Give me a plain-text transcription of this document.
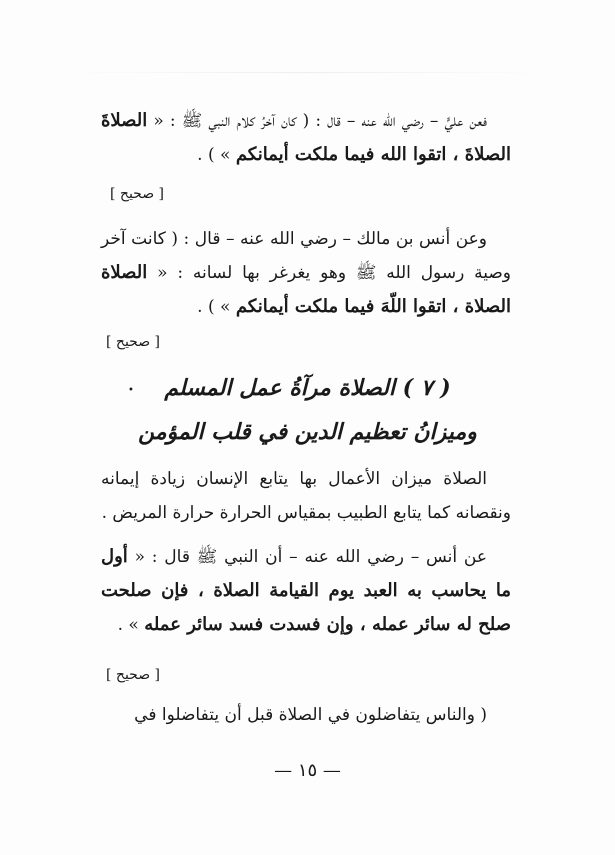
فعن عليٍّ – رضي الله عنه – قال : ( كان آخرُ كلام النبي ﷺ : « الصلاةَ الصلاةَ ، اتقوا الله فيما ملكت أيمانكم » ) .

[ صحيح ]

وعن أنس بن مالك – رضي الله عنه – قال : ( كانت آخر وصية رسول الله ﷺ وهو يغرغر بها لسانه : « الصلاة الصلاة ، اتقوا اللّهَ فيما ملكت أيمانكم » ) .

[ صحيح ]
( ٧ ) الصلاة مرآةُ عمل المسلم
وميزانُ تعظيم الدين في قلب المؤمن
•

الصلاة ميزان الأعمال بها يتابع الإنسان زيادة إيمانه ونقصانه كما يتابع الطبيب بمقياس الحرارة حرارة المريض .

عن أنس – رضي الله عنه – أن النبي ﷺ قال : « أول ما يحاسب به العبد يوم القيامة الصلاة ، فإن صلحت صلح له سائر عمله ، وإن فسدت فسد سائر عمله » .

[ صحيح ]

( والناس يتفاضلون في الصلاة قبل أن يتفاضلوا في

— ١٥ —
